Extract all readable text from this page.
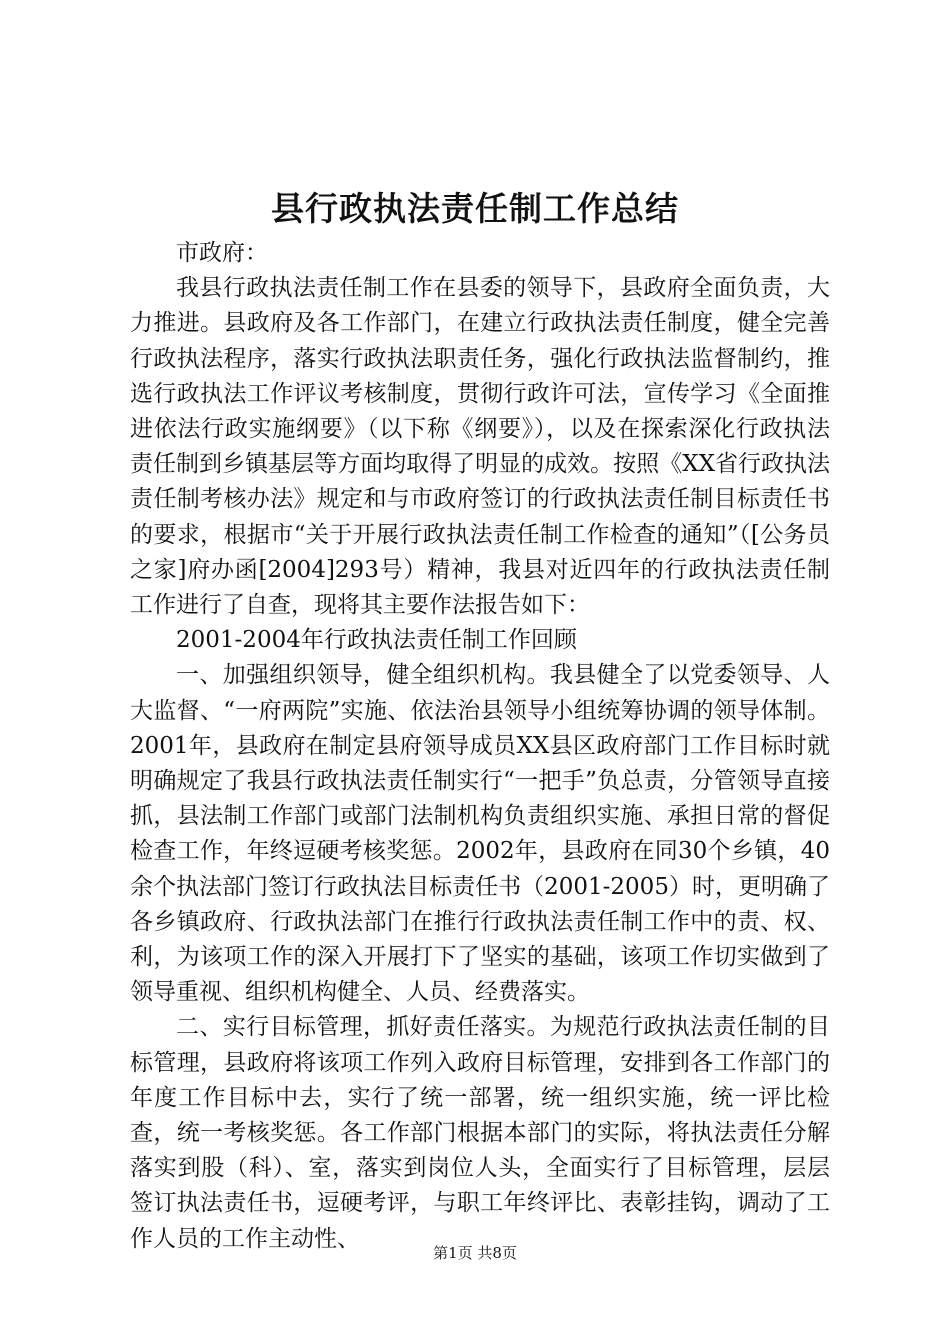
县行政执法责任制工作总结

市政府：

我县行政执法责任制工作在县委的领导下，县政府全面负责，大力推进。县政府及各工作部门，在建立行政执法责任制度，健全完善行政执法程序，落实行政执法职责任务，强化行政执法监督制约，推选行政执法工作评议考核制度，贯彻行政许可法，宣传学习《全面推进依法行政实施纲要》（以下称《纲要》），以及在探索深化行政执法责任制到乡镇基层等方面均取得了明显的成效。按照《XX省行政执法责任制考核办法》规定和与市政府签订的行政执法责任制目标责任书的要求，根据市“关于开展行政执法责任制工作检查的通知”（[公务员之家]府办函[2004]293号）精神，我县对近四年的行政执法责任制工作进行了自查，现将其主要作法报告如下：

2001-2004年行政执法责任制工作回顾

一、加强组织领导，健全组织机构。我县健全了以党委领导、人大监督、“一府两院”实施、依法治县领导小组统筹协调的领导体制。2001年，县政府在制定县府领导成员XX县区政府部门工作目标时就明确规定了我县行政执法责任制实行“一把手”负总责，分管领导直接抓，县法制工作部门或部门法制机构负责组织实施、承担日常的督促检查工作，年终逗硬考核奖惩。2002年，县政府在同30个乡镇，40余个执法部门签订行政执法目标责任书（2001-2005）时，更明确了各乡镇政府、行政执法部门在推行行政执法责任制工作中的责、权、利，为该项工作的深入开展打下了坚实的基础，该项工作切实做到了领导重视、组织机构健全、人员、经费落实。

二、实行目标管理，抓好责任落实。为规范行政执法责任制的目标管理，县政府将该项工作列入政府目标管理，安排到各工作部门的年度工作目标中去，实行了统一部署，统一组织实施，统一评比检查，统一考核奖惩。各工作部门根据本部门的实际，将执法责任分解落实到股（科）、室，落实到岗位人头，全面实行了目标管理，层层签订执法责任书，逗硬考评，与职工年终评比、表彰挂钩，调动了工作人员的工作主动性、

第1页 共8页
